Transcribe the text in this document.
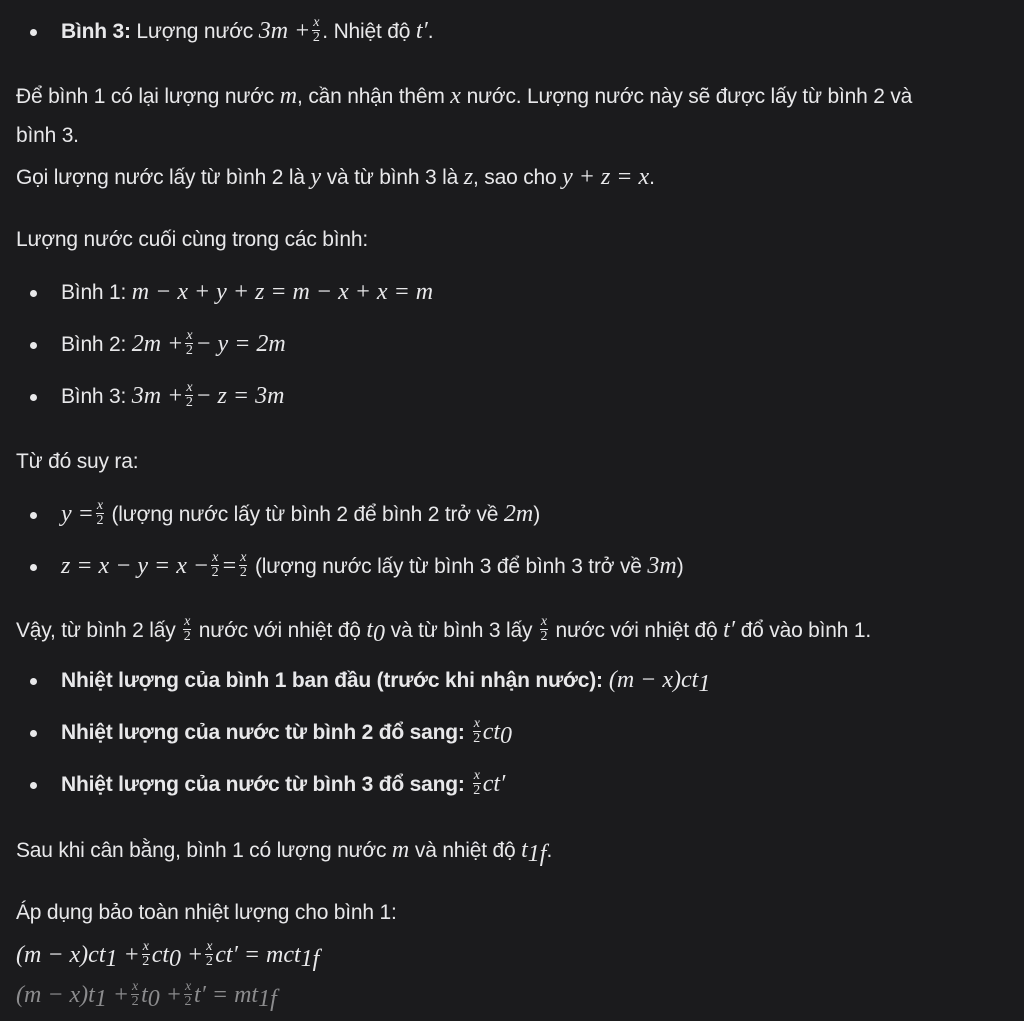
Bình 3: Lượng nước $3m + \frac{x}{2}$ . Nhiệt độ t′.
Để bình 1 có lại lượng nước m, cần nhận thêm x nước. Lượng nước này sẽ được lấy từ bình 2 và
bình 3.
Gọi lượng nước lấy từ bình 2 là y và từ bình 3 là z, sao cho y + z = x.
Lượng nước cuối cùng trong các bình:
Bình 1: m − x + y + z = m − x + x = m
Bình 2: $2m + \frac{x}{2} - y = 2m$
Bình 3: $3m + \frac{x}{2} - z = 3m$
Từ đó suy ra:
$y = \frac{x}{2}$ (lượng nước lấy từ bình 2 để bình 2 trở về 2m)
$z = x - y = x - \frac{x}{2} = \frac{x}{2}$ (lượng nước lấy từ bình 3 để bình 3 trở về 3m)
Vậy, từ bình 2 lấy $\frac{x}{2}$ nước với nhiệt độ $t_0$ và từ bình 3 lấy $\frac{x}{2}$ nước với nhiệt độ t′ đổ vào bình 1.
Nhiệt lượng của bình 1 ban đầu (trước khi nhận nước): $(m - x)ct_1$
Nhiệt lượng của nước từ bình 2 đổ sang: $\frac{x}{2} ct_0$
Nhiệt lượng của nước từ bình 3 đổ sang: $\frac{x}{2} ct'$
Sau khi cân bằng, bình 1 có lượng nước m và nhiệt độ $t_{1f}$.
Áp dụng bảo toàn nhiệt lượng cho bình 1:
$(m - x)ct_1 + \frac{x}{2} ct_0 + \frac{x}{2} ct' = mct_{1f}$
$(m - x)t_1 + \frac{x}{2} t_0 + \frac{x}{2} t' = mt_{1f}$
